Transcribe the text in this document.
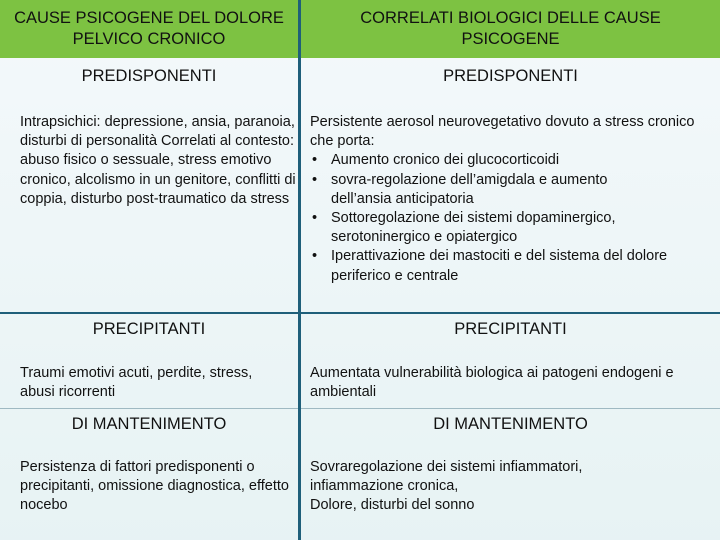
CAUSE PSICOGENE DEL DOLORE PELVICO CRONICO
PREDISPONENTI
Intrapsichici: depressione, ansia, paranoia, disturbi di personalità Correlati al contesto: abuso fisico o sessuale, stress emotivo cronico, alcolismo in un genitore, conflitti di coppia, disturbo post-traumatico da stress
PRECIPITANTI
Traumi emotivi acuti, perdite, stress, abusi ricorrenti
DI MANTENIMENTO
Persistenza di fattori predisponenti o precipitanti, omissione diagnostica, effetto nocebo
CORRELATI BIOLOGICI DELLE CAUSE PSICOGENE
PREDISPONENTI
Persistente aerosol neurovegetativo dovuto a stress cronico che porta:
• Aumento cronico dei glucocorticoidi
• sovra-regolazione dell’amigdala e aumento dell’ansia anticipatoria
• Sottoregolazione dei sistemi dopaminergico, serotoninergico e opiatergico
• Iperattivazione dei mastociti e del sistema del dolore periferico e centrale
PRECIPITANTI
Aumentata vulnerabilità biologica ai patogeni endogeni e ambientali
DI MANTENIMENTO
Sovraregolazione dei sistemi infiammatori,
infiammazione cronica,
Dolore, disturbi del sonno
